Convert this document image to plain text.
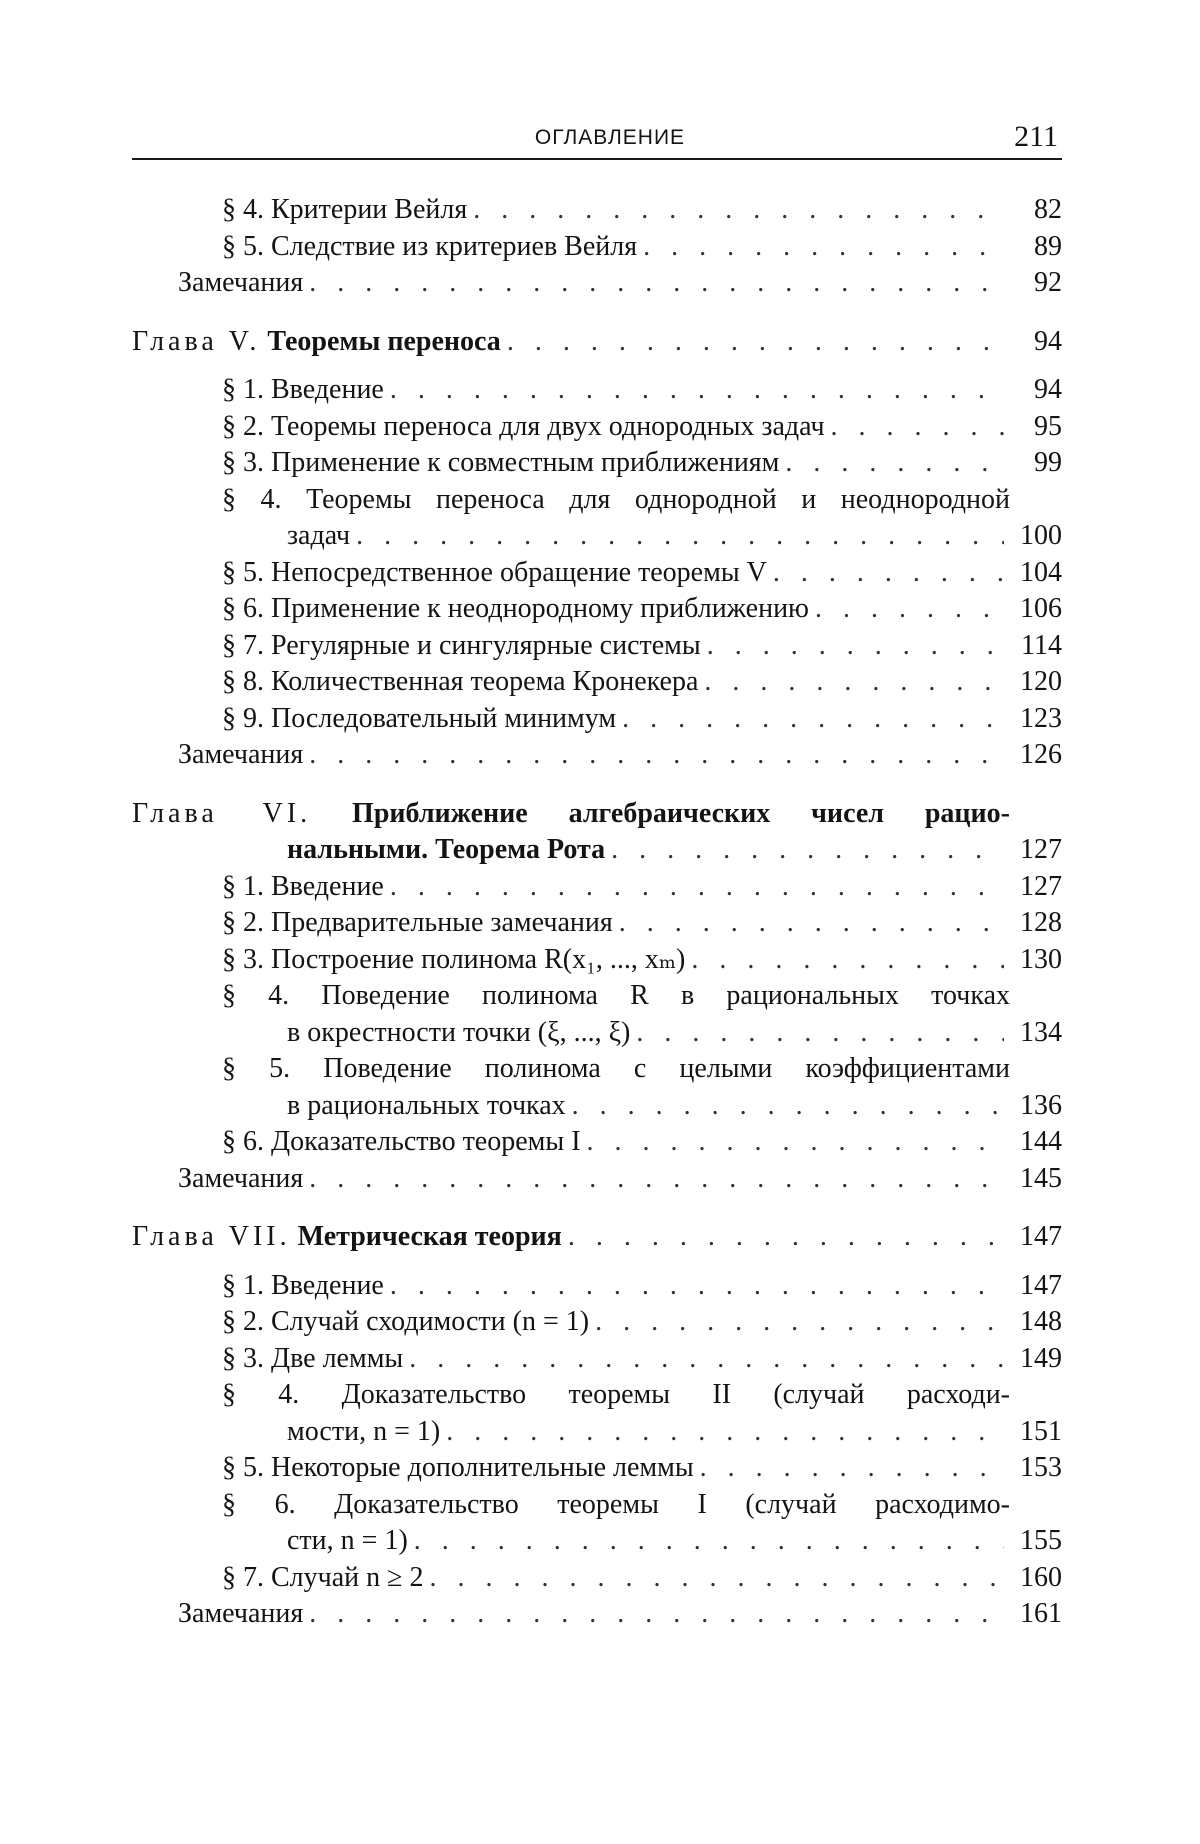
ОГЛАВЛЕНИЕ	211
§ 4. Критерии Вейля . . .	82
§ 5. Следствие из критериев Вейля . . .	89
Замечания . . .	92
Глава V. Теоремы переноса . . .	94
§ 1. Введение . . .	94
§ 2. Теоремы переноса для двух однородных задач . . .	95
§ 3. Применение к совместным приближениям . . .	99
§ 4. Теоремы переноса для однородной и неоднородной
задач . . .	100
§ 5. Непосредственное обращение теоремы V . . .	104
§ 6. Применение к неоднородному приближению . . .	106
§ 7. Регулярные и сингулярные системы . . .	114
§ 8. Количественная теорема Кронекера . . .	120
§ 9. Последовательный минимум . . .	123
Замечания . . .	126
Глава VI. Приближение алгебраических чисел рацио-
нальными. Теорема Рота . . .	127
§ 1. Введение . . .	127
§ 2. Предварительные замечания . . .	128
§ 3. Построение полинома R(x₁, ..., xₘ) . . .	130
§ 4. Поведение полинома R в рациональных точках
в окрестности точки (ξ, ..., ξ) . . .	134
§ 5. Поведение полинома с целыми коэффициентами
в рациональных точках . . .	136
§ 6. Доказательство теоремы I . . .	144
Замечания . . .	145
Глава VII. Метрическая теория . . .	147
§ 1. Введение . . .	147
§ 2. Случай сходимости (n = 1) . . .	148
§ 3. Две леммы . . .	149
§ 4. Доказательство теоремы II (случай расходи-
мости, n = 1) . . .	151
§ 5. Некоторые дополнительные леммы . . .	153
§ 6. Доказательство теоремы I (случай расходимо-
сти, n = 1) . . .	155
§ 7. Случай n ≥ 2 . . .	160
Замечания . . .	161
